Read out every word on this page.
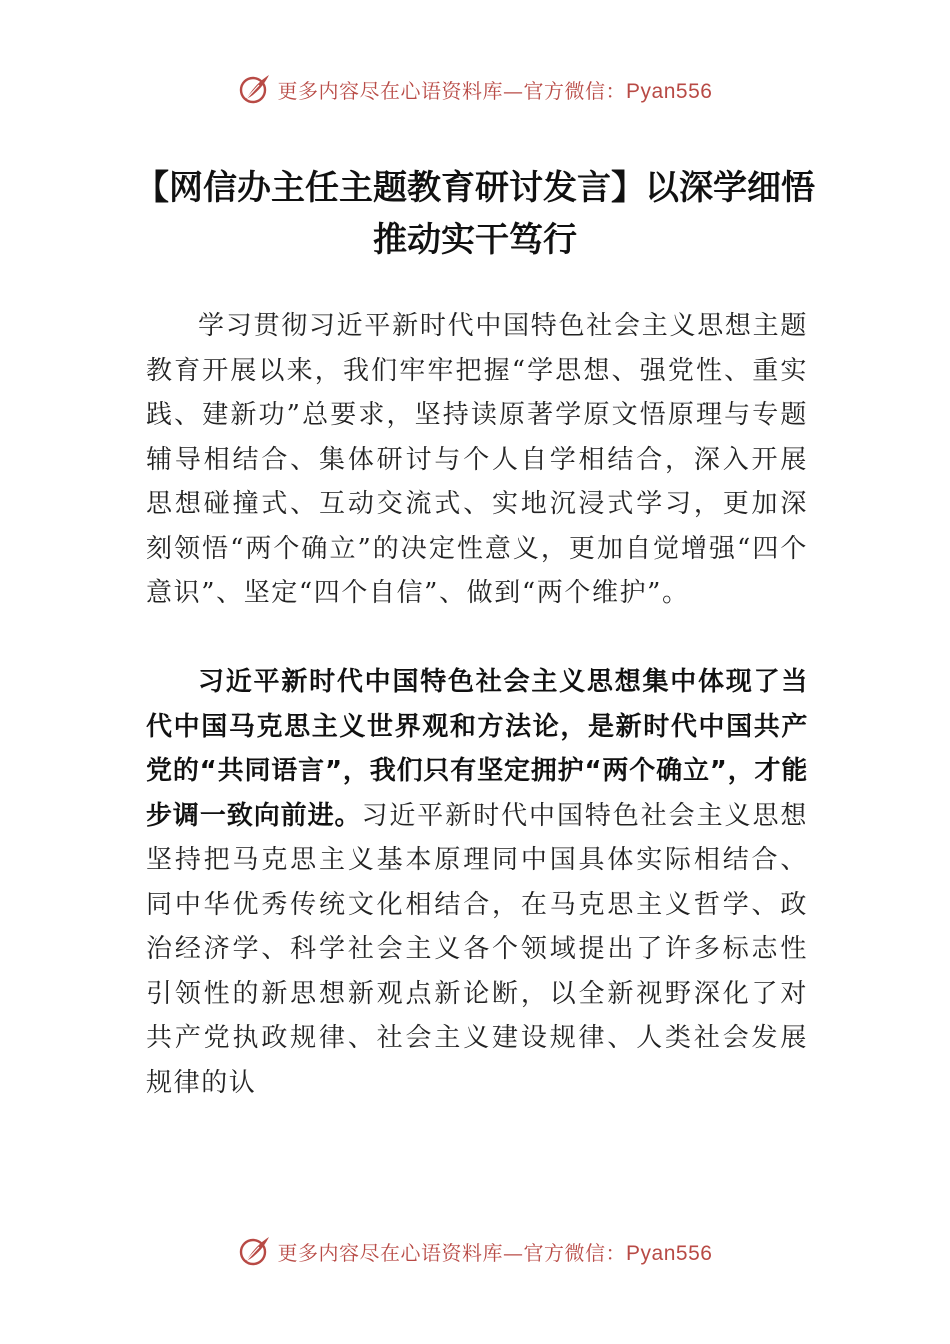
更多内容尽在心语资料库—官方微信：Pyan556
【网信办主任主题教育研讨发言】以深学细悟推动实干笃行

学习贯彻习近平新时代中国特色社会主义思想主题教育开展以来，我们牢牢把握“学思想、强党性、重实践、建新功”总要求，坚持读原著学原文悟原理与专题辅导相结合、集体研讨与个人自学相结合，深入开展思想碰撞式、互动交流式、实地沉浸式学习，更加深刻领悟“两个确立”的决定性意义，更加自觉增强“四个意识”、坚定“四个自信”、做到“两个维护”。

习近平新时代中国特色社会主义思想集中体现了当代中国马克思主义世界观和方法论，是新时代中国共产党的“共同语言”，我们只有坚定拥护“两个确立”，才能步调一致向前进。习近平新时代中国特色社会主义思想坚持把马克思主义基本原理同中国具体实际相结合、同中华优秀传统文化相结合，在马克思主义哲学、政治经济学、科学社会主义各个领域提出了许多标志性引领性的新思想新观点新论断，以全新视野深化了对共产党执政规律、社会主义建设规律、人类社会发展规律的认

更多内容尽在心语资料库—官方微信：Pyan556
